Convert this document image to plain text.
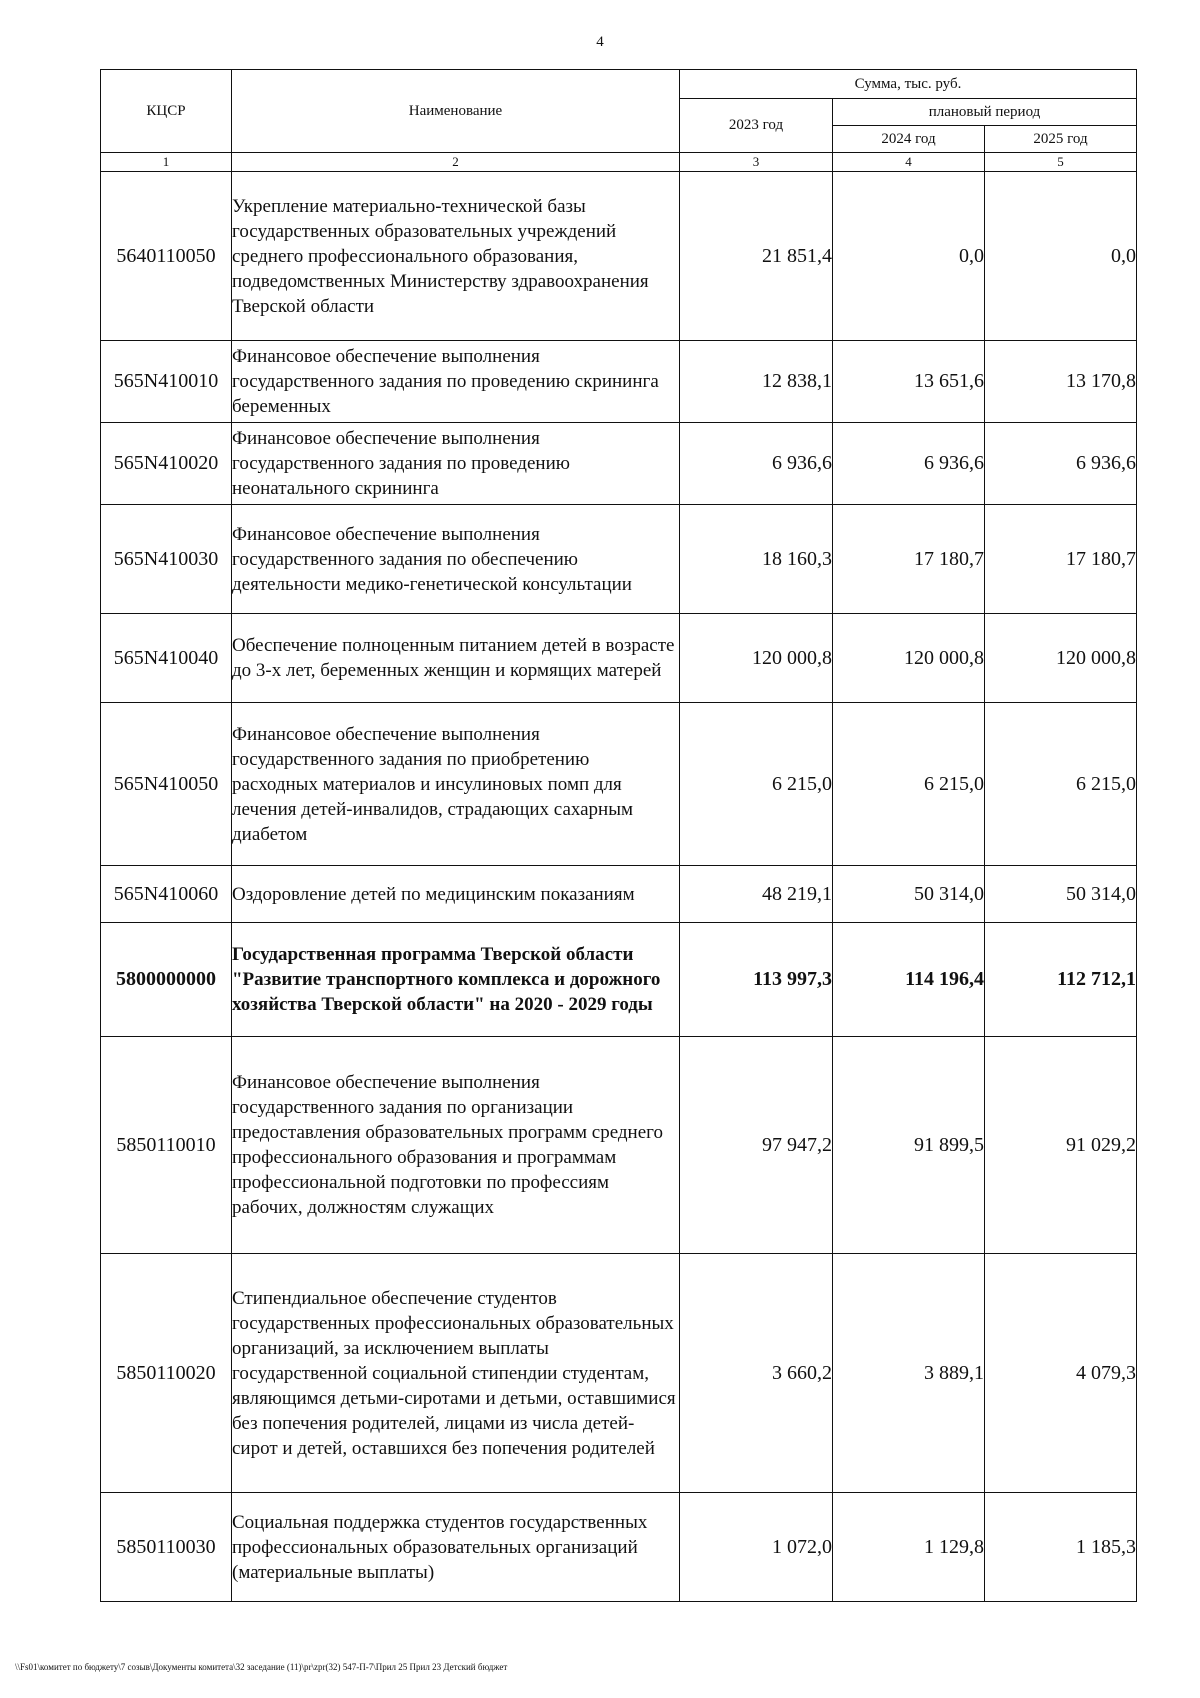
4
КЦСР	Наименование	Сумма, тыс. руб.		
		2023 год	плановый период	
			2024 год	2025 год
1	2	3	4	5
5640110050	Укрепление материально-технической базы государственных образовательных учреждений среднего профессионального образования, подведомственных Министерству здравоохранения Тверской области	21 851,4	0,0	0,0
565N410010	Финансовое обеспечение выполнения государственного задания по проведению скрининга беременных	12 838,1	13 651,6	13 170,8
565N410020	Финансовое обеспечение выполнения государственного задания по проведению неонатального скрининга	6 936,6	6 936,6	6 936,6
565N410030	Финансовое обеспечение выполнения государственного задания по обеспечению деятельности медико-генетической консультации	18 160,3	17 180,7	17 180,7
565N410040	Обеспечение полноценным питанием детей в возрасте до 3-х лет, беременных женщин и кормящих матерей	120 000,8	120 000,8	120 000,8
565N410050	Финансовое обеспечение выполнения государственного задания по приобретению расходных материалов и инсулиновых помп для лечения детей-инвалидов, страдающих сахарным диабетом	6 215,0	6 215,0	6 215,0
565N410060	Оздоровление детей по медицинским показаниям	48 219,1	50 314,0	50 314,0
5800000000	Государственная программа Тверской области "Развитие транспортного комплекса и дорожного хозяйства Тверской области" на 2020 - 2029 годы	113 997,3	114 196,4	112 712,1
5850110010	Финансовое обеспечение выполнения государственного задания по организации предоставления образовательных программ среднего профессионального образования и программам профессиональной подготовки по профессиям рабочих, должностям служащих	97 947,2	91 899,5	91 029,2
5850110020	Стипендиальное обеспечение студентов государственных профессиональных образовательных организаций, за исключением выплаты государственной социальной стипендии студентам, являющимся детьми-сиротами и детьми, оставшимися без попечения родителей, лицами из числа детей-сирот и детей, оставшихся без попечения родителей	3 660,2	3 889,1	4 079,3
5850110030	Социальная поддержка студентов государственных профессиональных образовательных организаций (материальные выплаты)	1 072,0	1 129,8	1 185,3
\\Fs01\комитет по бюджету\7 созыв\Документы комитета\32 заседание (11)\pr\zpr(32) 547-П-7\Прил 25 Прил 23 Детский бюджет
